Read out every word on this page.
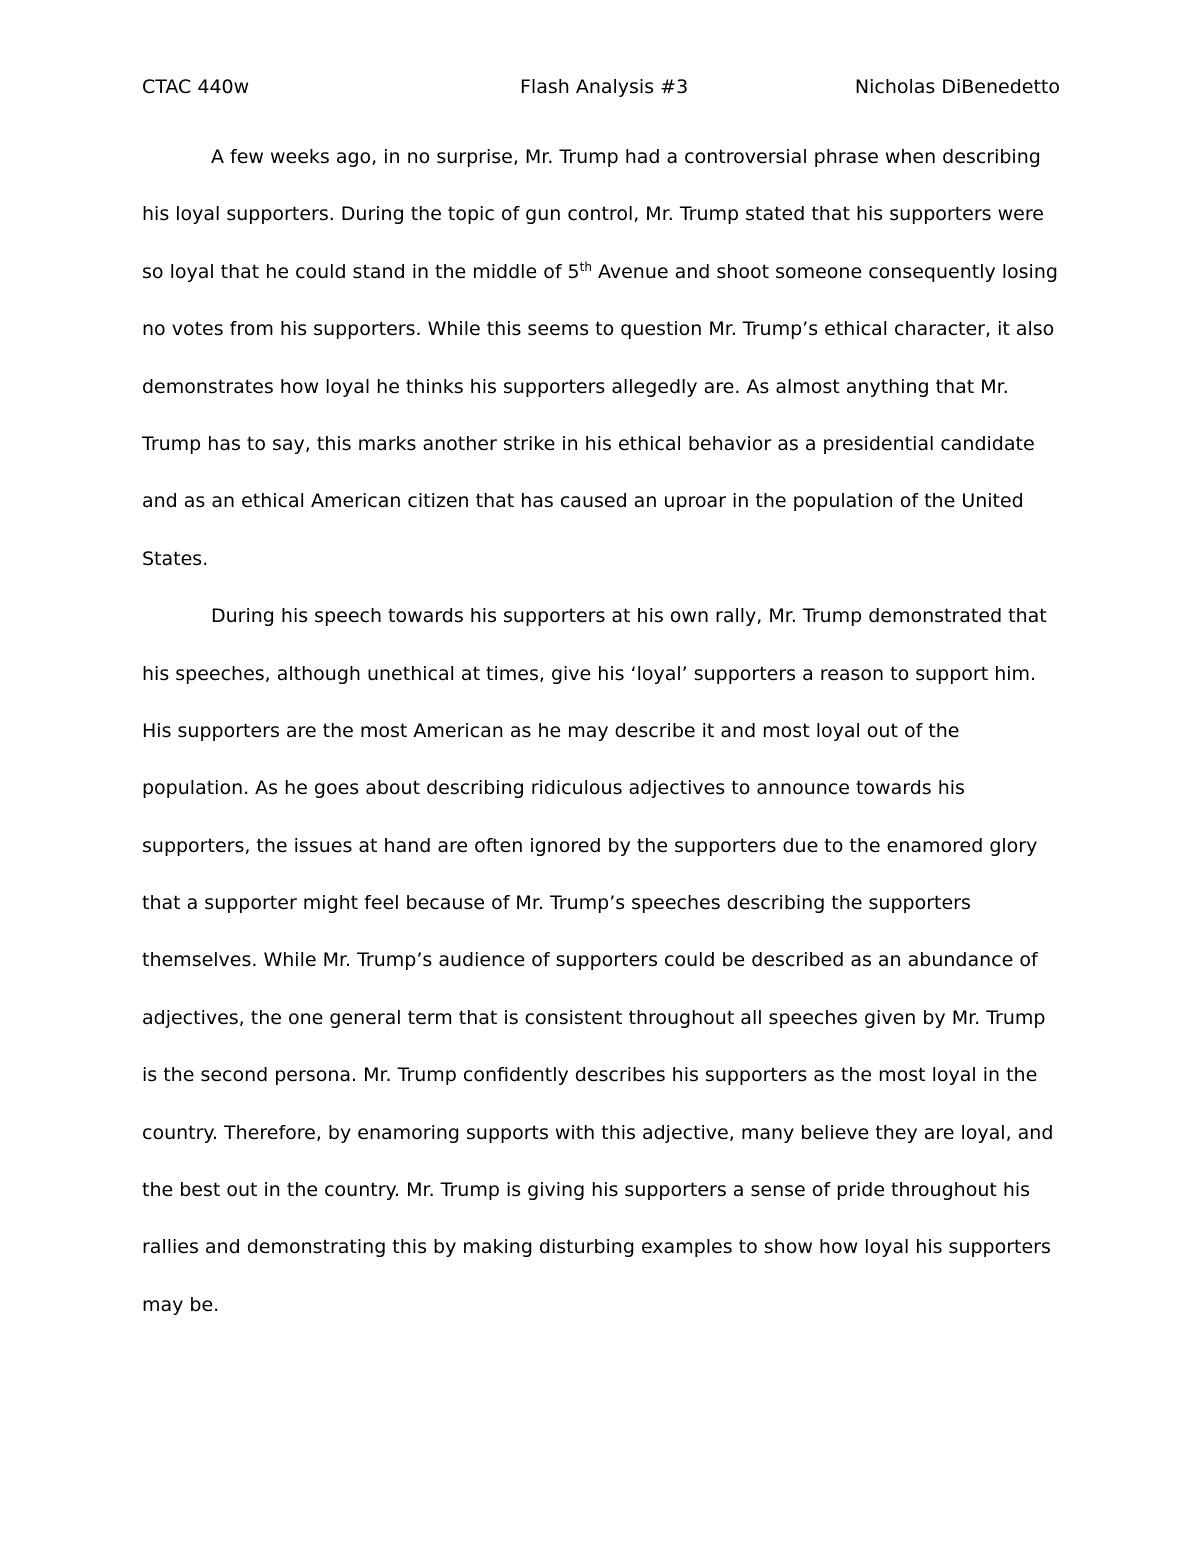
CTAC 440w	Flash Analysis #3	Nicholas DiBenedetto
A few weeks ago, in no surprise, Mr. Trump had a controversial phrase when describing
his loyal supporters. During the topic of gun control, Mr. Trump stated that his supporters were
so loyal that he could stand in the middle of 5th Avenue and shoot someone consequently losing
no votes from his supporters. While this seems to question Mr. Trump’s ethical character, it also
demonstrates how loyal he thinks his supporters allegedly are. As almost anything that Mr.
Trump has to say, this marks another strike in his ethical behavior as a presidential candidate
and as an ethical American citizen that has caused an uproar in the population of the United
States.
During his speech towards his supporters at his own rally, Mr. Trump demonstrated that
his speeches, although unethical at times, give his ‘loyal’ supporters a reason to support him.
His supporters are the most American as he may describe it and most loyal out of the
population. As he goes about describing ridiculous adjectives to announce towards his
supporters, the issues at hand are often ignored by the supporters due to the enamored glory
that a supporter might feel because of Mr. Trump’s speeches describing the supporters
themselves. While Mr. Trump’s audience of supporters could be described as an abundance of
adjectives, the one general term that is consistent throughout all speeches given by Mr. Trump
is the second persona. Mr. Trump confidently describes his supporters as the most loyal in the
country. Therefore, by enamoring supports with this adjective, many believe they are loyal, and
the best out in the country. Mr. Trump is giving his supporters a sense of pride throughout his
rallies and demonstrating this by making disturbing examples to show how loyal his supporters
may be.
